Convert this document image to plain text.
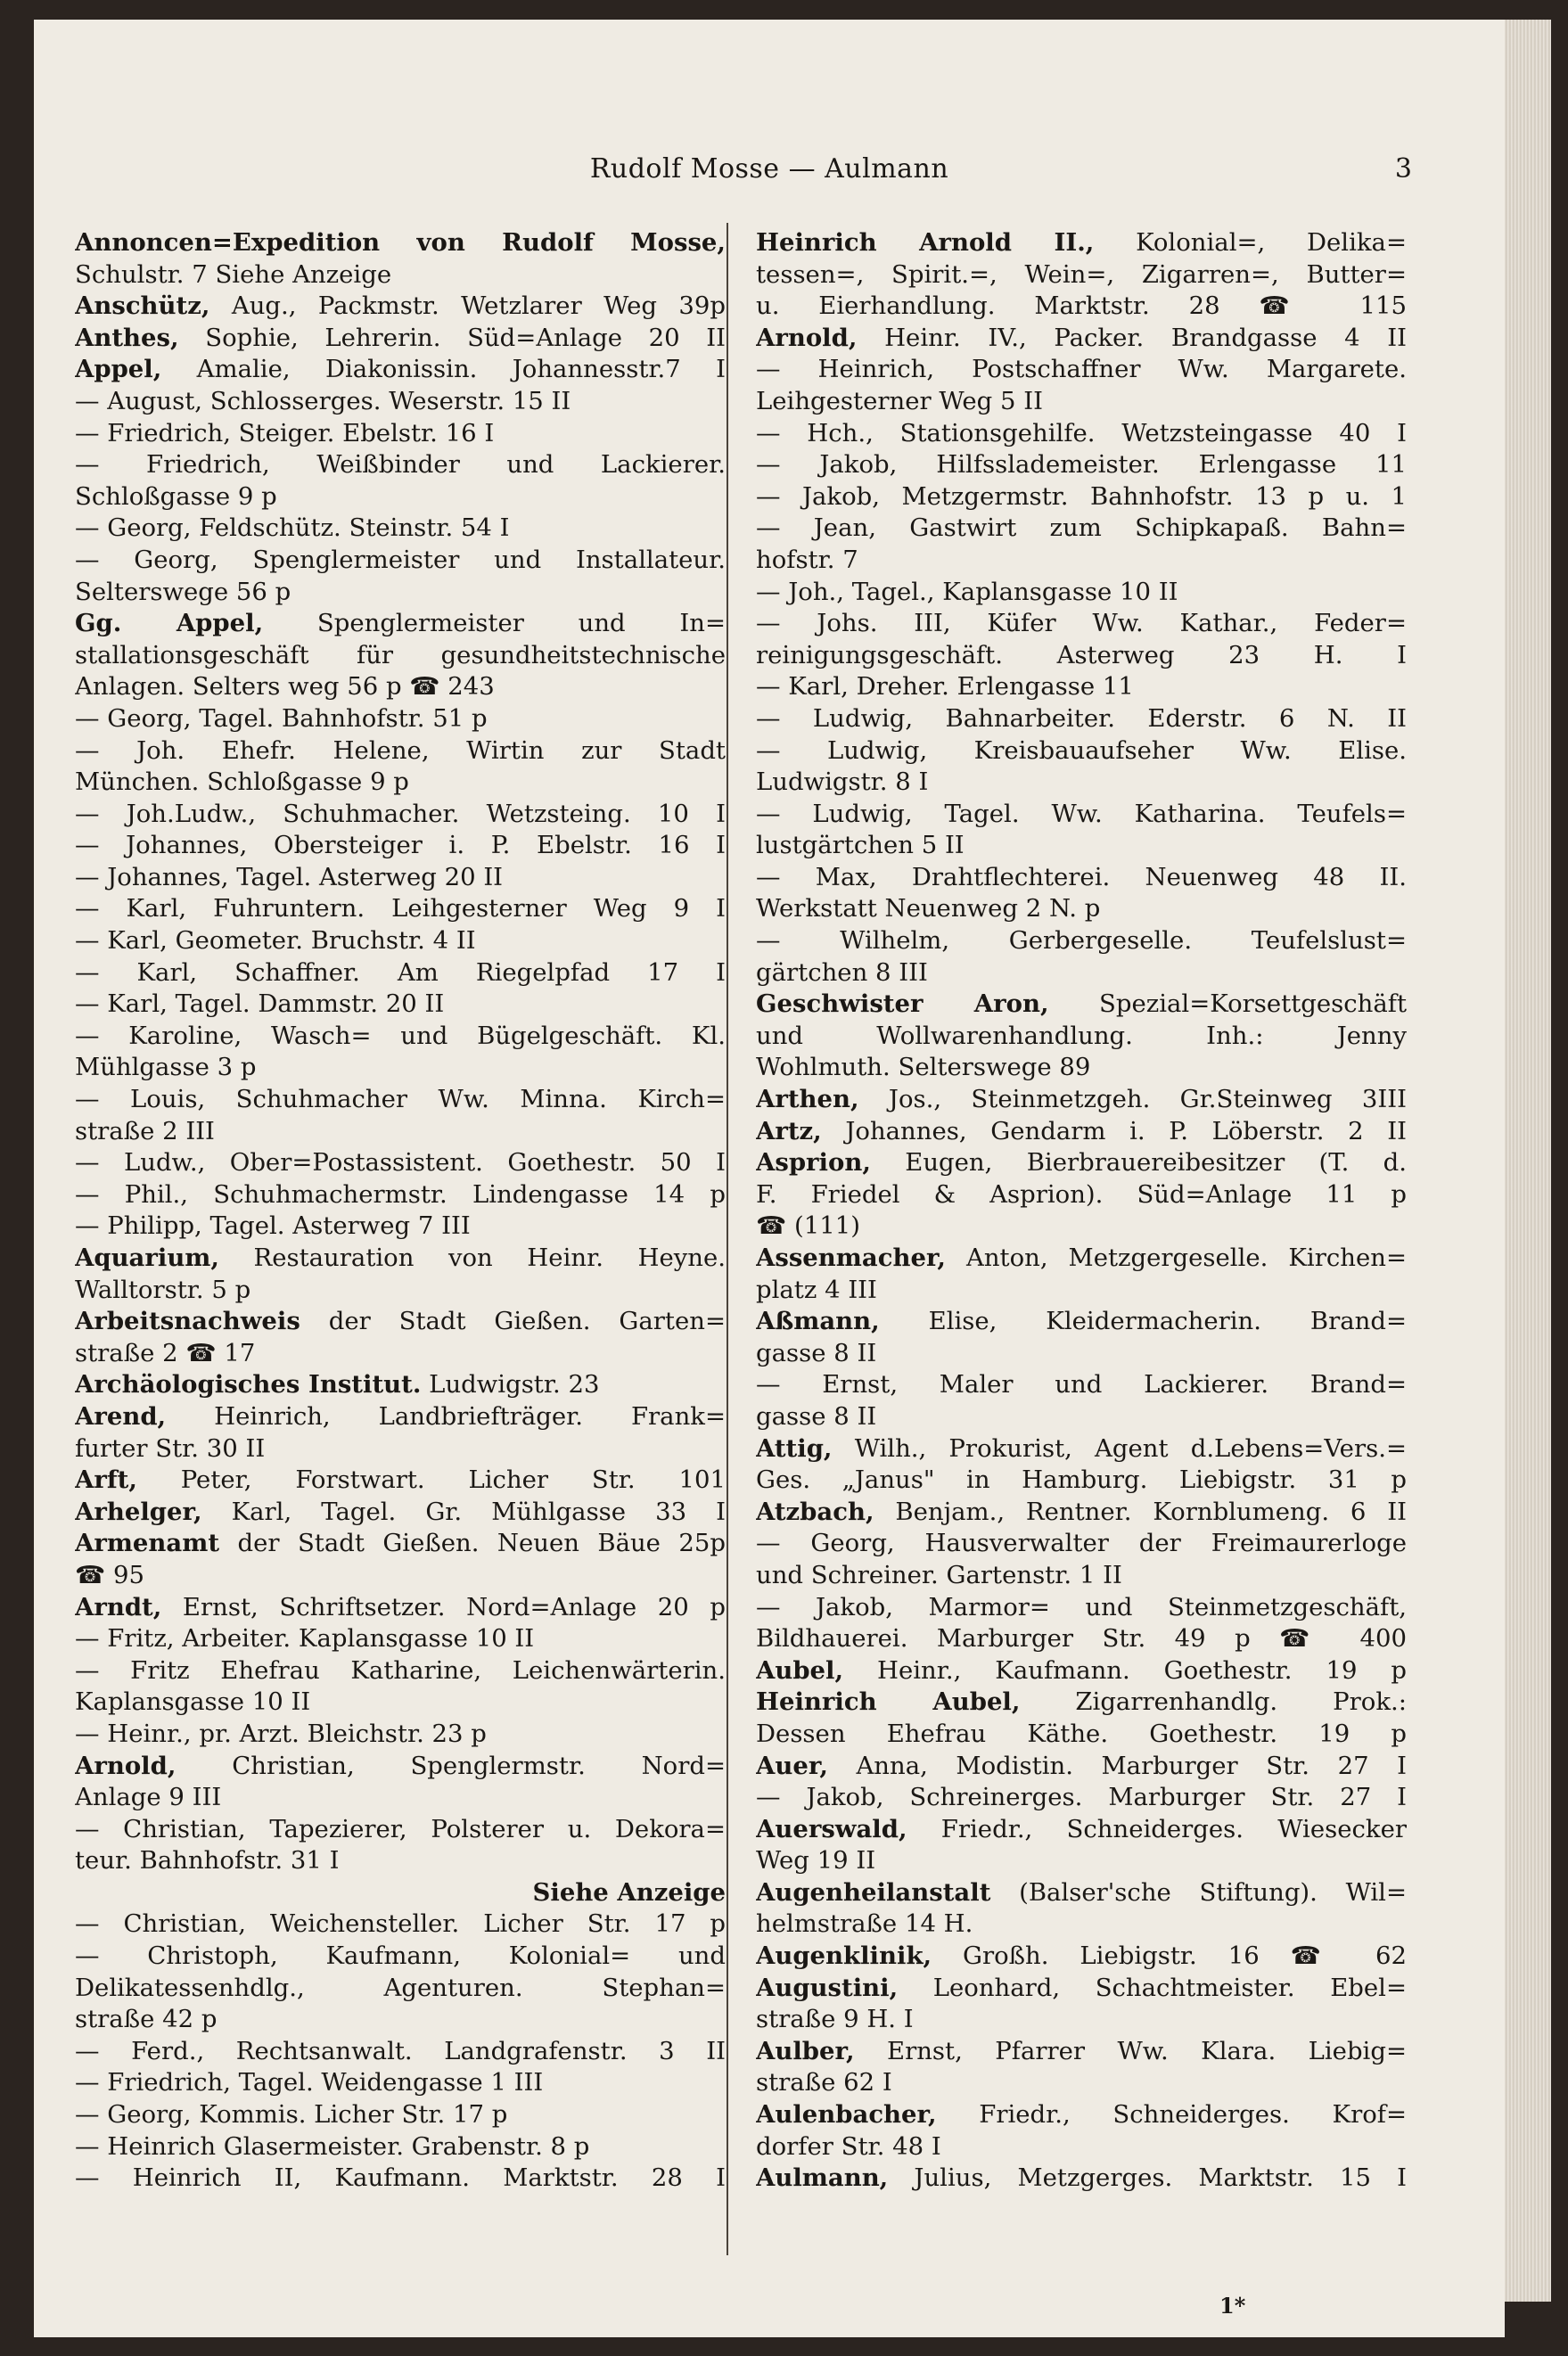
Rudolf Mosse — Aulmann	3
Annoncen=Expedition von Rudolf Mosse,
Schulstr. 7 Siehe Anzeige
Anschütz, Aug., Packmstr. Wetzlarer Weg 39p
Anthes, Sophie, Lehrerin. Süd=Anlage 20 II
Appel, Amalie, Diakonissin. Johannesstr.7 I
— August, Schlosserges. Weserstr. 15 II
— Friedrich, Steiger. Ebelstr. 16 I
— Friedrich, Weißbinder und Lackierer.
Schloßgasse 9 p
— Georg, Feldschütz. Steinstr. 54 I
— Georg, Spenglermeister und Installateur.
Selterswege 56 p
Gg. Appel, Spenglermeister und In=
stallationsgeschäft für gesundheitstechnische
Anlagen. Selters weg 56 p ☎ 243
— Georg, Tagel. Bahnhofstr. 51 p
— Joh. Ehefr. Helene, Wirtin zur Stadt
München. Schloßgasse 9 p
— Joh.Ludw., Schuhmacher. Wetzsteing. 10 I
— Johannes, Obersteiger i. P. Ebelstr. 16 I
— Johannes, Tagel. Asterweg 20 II
— Karl, Fuhruntern. Leihgesterner Weg 9 I
— Karl, Geometer. Bruchstr. 4 II
— Karl, Schaffner. Am Riegelpfad 17 I
— Karl, Tagel. Dammstr. 20 II
— Karoline, Wasch= und Bügelgeschäft. Kl.
Mühlgasse 3 p
— Louis, Schuhmacher Ww. Minna. Kirch=
straße 2 III
— Ludw., Ober=Postassistent. Goethestr. 50 I
— Phil., Schuhmachermstr. Lindengasse 14 p
— Philipp, Tagel. Asterweg 7 III
Aquarium, Restauration von Heinr. Heyne.
Walltorstr. 5 p
Arbeitsnachweis der Stadt Gießen. Garten=
straße 2 ☎ 17
Archäologisches Institut. Ludwigstr. 23
Arend, Heinrich, Landbriefträger. Frank=
furter Str. 30 II
Arft, Peter, Forstwart. Licher Str. 101
Arhelger, Karl, Tagel. Gr. Mühlgasse 33 I
Armenamt der Stadt Gießen. Neuen Bäue 25p
☎ 95
Arndt, Ernst, Schriftsetzer. Nord=Anlage 20 p
— Fritz, Arbeiter. Kaplansgasse 10 II
— Fritz Ehefrau Katharine, Leichenwärterin.
Kaplansgasse 10 II
— Heinr., pr. Arzt. Bleichstr. 23 p
Arnold, Christian, Spenglermstr. Nord=
Anlage 9 III
— Christian, Tapezierer, Polsterer u. Dekora=
teur. Bahnhofstr. 31 I
Siehe Anzeige
— Christian, Weichensteller. Licher Str. 17 p
— Christoph, Kaufmann, Kolonial= und
Delikatessenhdlg., Agenturen. Stephan=
straße 42 p
— Ferd., Rechtsanwalt. Landgrafenstr. 3 II
— Friedrich, Tagel. Weidengasse 1 III
— Georg, Kommis. Licher Str. 17 p
— Heinrich Glasermeister. Grabenstr. 8 p
— Heinrich II, Kaufmann. Marktstr. 28 I
Heinrich Arnold II., Kolonial=, Delika=
tessen=, Spirit.=, Wein=, Zigarren=, Butter=
u. Eierhandlung. Marktstr. 28 ☎ 115
Arnold, Heinr. IV., Packer. Brandgasse 4 II
— Heinrich, Postschaffner Ww. Margarete.
Leihgesterner Weg 5 II
— Hch., Stationsgehilfe. Wetzsteingasse 40 I
— Jakob, Hilfsslademeister. Erlengasse 11
— Jakob, Metzgermstr. Bahnhofstr. 13 p u. 1
— Jean, Gastwirt zum Schipkapaß. Bahn=
hofstr. 7
— Joh., Tagel., Kaplansgasse 10 II
— Johs. III, Küfer Ww. Kathar., Feder=
reinigungsgeschäft. Asterweg 23 H. I
— Karl, Dreher. Erlengasse 11
— Ludwig, Bahnarbeiter. Ederstr. 6 N. II
— Ludwig, Kreisbauaufseher Ww. Elise.
Ludwigstr. 8 I
— Ludwig, Tagel. Ww. Katharina. Teufels=
lustgärtchen 5 II
— Max, Drahtflechterei. Neuenweg 48 II.
Werkstatt Neuenweg 2 N. p
— Wilhelm, Gerbergeselle. Teufelslust=
gärtchen 8 III
Geschwister Aron, Spezial=Korsettgeschäft
und Wollwarenhandlung. Inh.: Jenny
Wohlmuth. Selterswege 89
Arthen, Jos., Steinmetzgeh. Gr.Steinweg 3III
Artz, Johannes, Gendarm i. P. Löberstr. 2 II
Asprion, Eugen, Bierbrauereibesitzer (T. d.
F. Friedel & Asprion). Süd=Anlage 11 p
☎ (111)
Assenmacher, Anton, Metzgergeselle. Kirchen=
platz 4 III
Aßmann, Elise, Kleidermacherin. Brand=
gasse 8 II
— Ernst, Maler und Lackierer. Brand=
gasse 8 II
Attig, Wilh., Prokurist, Agent d.Lebens=Vers.=
Ges. „Janus" in Hamburg. Liebigstr. 31 p
Atzbach, Benjam., Rentner. Kornblumeng. 6 II
— Georg, Hausverwalter der Freimaurerloge
und Schreiner. Gartenstr. 1 II
— Jakob, Marmor= und Steinmetzgeschäft,
Bildhauerei. Marburger Str. 49 p ☎ 400
Aubel, Heinr., Kaufmann. Goethestr. 19 p
Heinrich Aubel, Zigarrenhandlg. Prok.:
Dessen Ehefrau Käthe. Goethestr. 19 p
Auer, Anna, Modistin. Marburger Str. 27 I
— Jakob, Schreinerges. Marburger Str. 27 I
Auerswald, Friedr., Schneiderges. Wiesecker
Weg 19 II
Augenheilanstalt (Balser'sche Stiftung). Wil=
helmstraße 14 H.
Augenklinik, Großh. Liebigstr. 16 ☎ 62
Augustini, Leonhard, Schachtmeister. Ebel=
straße 9 H. I
Aulber, Ernst, Pfarrer Ww. Klara. Liebig=
straße 62 I
Aulenbacher, Friedr., Schneiderges. Krof=
dorfer Str. 48 I
Aulmann, Julius, Metzgerges. Marktstr. 15 I
1*
